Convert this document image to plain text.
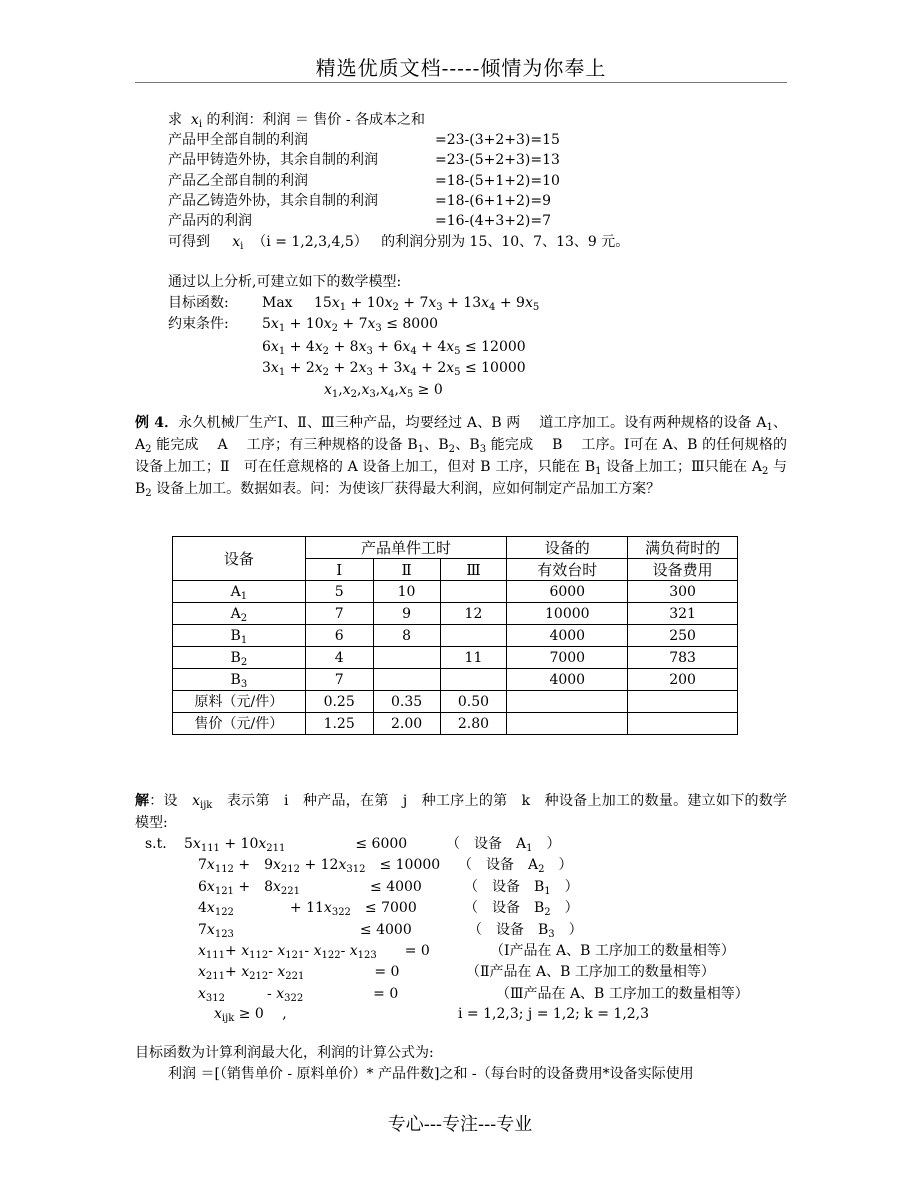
精选优质文档-----倾情为你奉上
求 $x_i$ 的利润：利润 ＝ 售价 ‐ 各成本之和
产品甲全部自制的利润	=23-(3+2+3)=15
产品甲铸造外协，其余自制的利润	=23-(5+2+3)=13
产品乙全部自制的利润	=18-(5+1+2)=10
产品乙铸造外协，其余自制的利润	=18-(6+1+2)=9
产品丙的利润	=16-(4+3+2)=7
可得到 $x_i$ （i = 1,2,3,4,5） 的利润分别为 15、10、7、13、9 元。
通过以上分析,可建立如下的数学模型:
目标函数: Max $15x_1 + 10x_2 + 7x_3 + 13x_4 + 9x_5$
约束条件: $5x_1 + 10x_2 + 7x_3 \le 8000$
$6x_1 + 4x_2 + 8x_3 + 6x_4 + 4x_5 \le 12000$
$3x_1 + 2x_2 + 2x_3 + 3x_4 + 2x_5 \le 10000$
$x_1,x_2,x_3,x_4,x_5 \ge 0$
例 4．永久机械厂生产Ⅰ、Ⅱ、Ⅲ三种产品，均要经过 A、B 两　 道工序加工。设有两种规格的设备 $A_1$、$A_2$ 能完成　 A　 工序；有三种规格的设备 $B_1$、$B_2$、$B_3$ 能完成　 B　 工序。Ⅰ可在 A、B 的任何规格的设备上加工；Ⅱ　可在任意规格的 A 设备上加工，但对 B 工序，只能在 $B_1$ 设备上加工；Ⅲ只能在 $A_2$ 与 $B_2$ 设备上加工。数据如表。问：为使该厂获得最大利润，应如何制定产品加工方案？
设备	产品单件工时			设备的	满负荷时的
	Ⅰ	Ⅱ	Ⅲ	有效台时	设备费用
$A_1$	5	10		6000	300
$A_2$	7	9	12	10000	321
$B_1$	6	8		4000	250
$B_2$	4		11	7000	783
$B_3$	7			4000	200
原料（元/件）	0.25	0.35	0.50		
售价（元/件）	1.25	2.00	2.80		
解：设　$x_{ijk}$　表示第　i　种产品，在第　j　种工序上的第　k　种设备上加工的数量。建立如下的数学模型:
s.t. $5x_{111} + 10x_{211}$　　　　　≤ 6000	（　设备　$A_1$　）
$7x_{112}$ +　$9x_{212} + 12x_{312}$　≤ 10000 （　设备　$A_2$　）
$6x_{121}$ +　$8x_{221}$　　　　　≤ 4000	（　设备　$B_1$　）
$4x_{122}$　　　　+ $11x_{322}$　≤ 7000	（　设备　$B_2$　）
$7x_{123}$　　　　　　　　　≤ 4000	（　设备　$B_3$　）
$x_{111}+ x_{112}-$ $x_{121}-$ $x_{122}-$ $x_{123}$　　= 0	（Ⅰ产品在 A、B 工序加工的数量相等）
$x_{211}+ x_{212}-$ $x_{221}$　　　　　= 0	（Ⅱ产品在 A、B 工序加工的数量相等）
$x_{312}$　　　- $x_{322}$　　　　　= 0	（Ⅲ产品在 A、B 工序加工的数量相等）
$x_{ijk} \ge 0$　 ,	i = 1,2,3; j = 1,2; k = 1,2,3
目标函数为计算利润最大化，利润的计算公式为:
利润 ＝[（销售单价 ‐ 原料单价）* 产品件数]之和 ‐（每台时的设备费用*设备实际使用
专心---专注---专业
